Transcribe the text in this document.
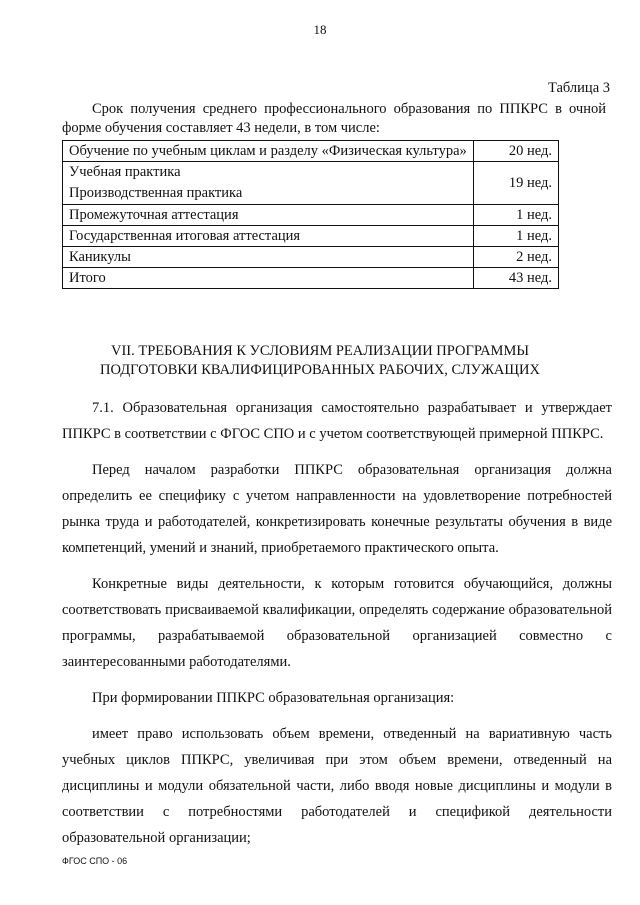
18
Таблица 3
Срок получения среднего профессионального образования по ППКРС в очной форме обучения составляет 43 недели, в том числе:
Обучение по учебным циклам и разделу «Физическая культура»	20 нед.

Учебная практика
Производственная практика	19 нед.
Промежуточная аттестация	1 нед.
Государственная итоговая аттестация	1 нед.
Каникулы	2 нед.
Итого	43 нед.
VII. ТРЕБОВАНИЯ К УСЛОВИЯМ РЕАЛИЗАЦИИ ПРОГРАММЫ
ПОДГОТОВКИ КВАЛИФИЦИРОВАННЫХ РАБОЧИХ, СЛУЖАЩИХ

7.1. Образовательная организация самостоятельно разрабатывает и утверждает ППКРС в соответствии с ФГОС СПО и с учетом соответствующей примерной ППКРС.

Перед началом разработки ППКРС образовательная организация должна определить ее специфику с учетом направленности на удовлетворение потребностей рынка труда и работодателей, конкретизировать конечные результаты обучения в виде компетенций, умений и знаний, приобретаемого практического опыта.

Конкретные виды деятельности, к которым готовится обучающийся, должны соответствовать присваиваемой квалификации, определять содержание образовательной программы, разрабатываемой образовательной организацией совместно с заинтересованными работодателями.

При формировании ППКРС образовательная организация:

имеет право использовать объем времени, отведенный на вариативную часть учебных циклов ППКРС, увеличивая при этом объем времени, отведенный на дисциплины и модули обязательной части, либо вводя новые дисциплины и модули в соответствии с потребностями работодателей и спецификой деятельности образовательной организации;

ФГОС СПО - 06
